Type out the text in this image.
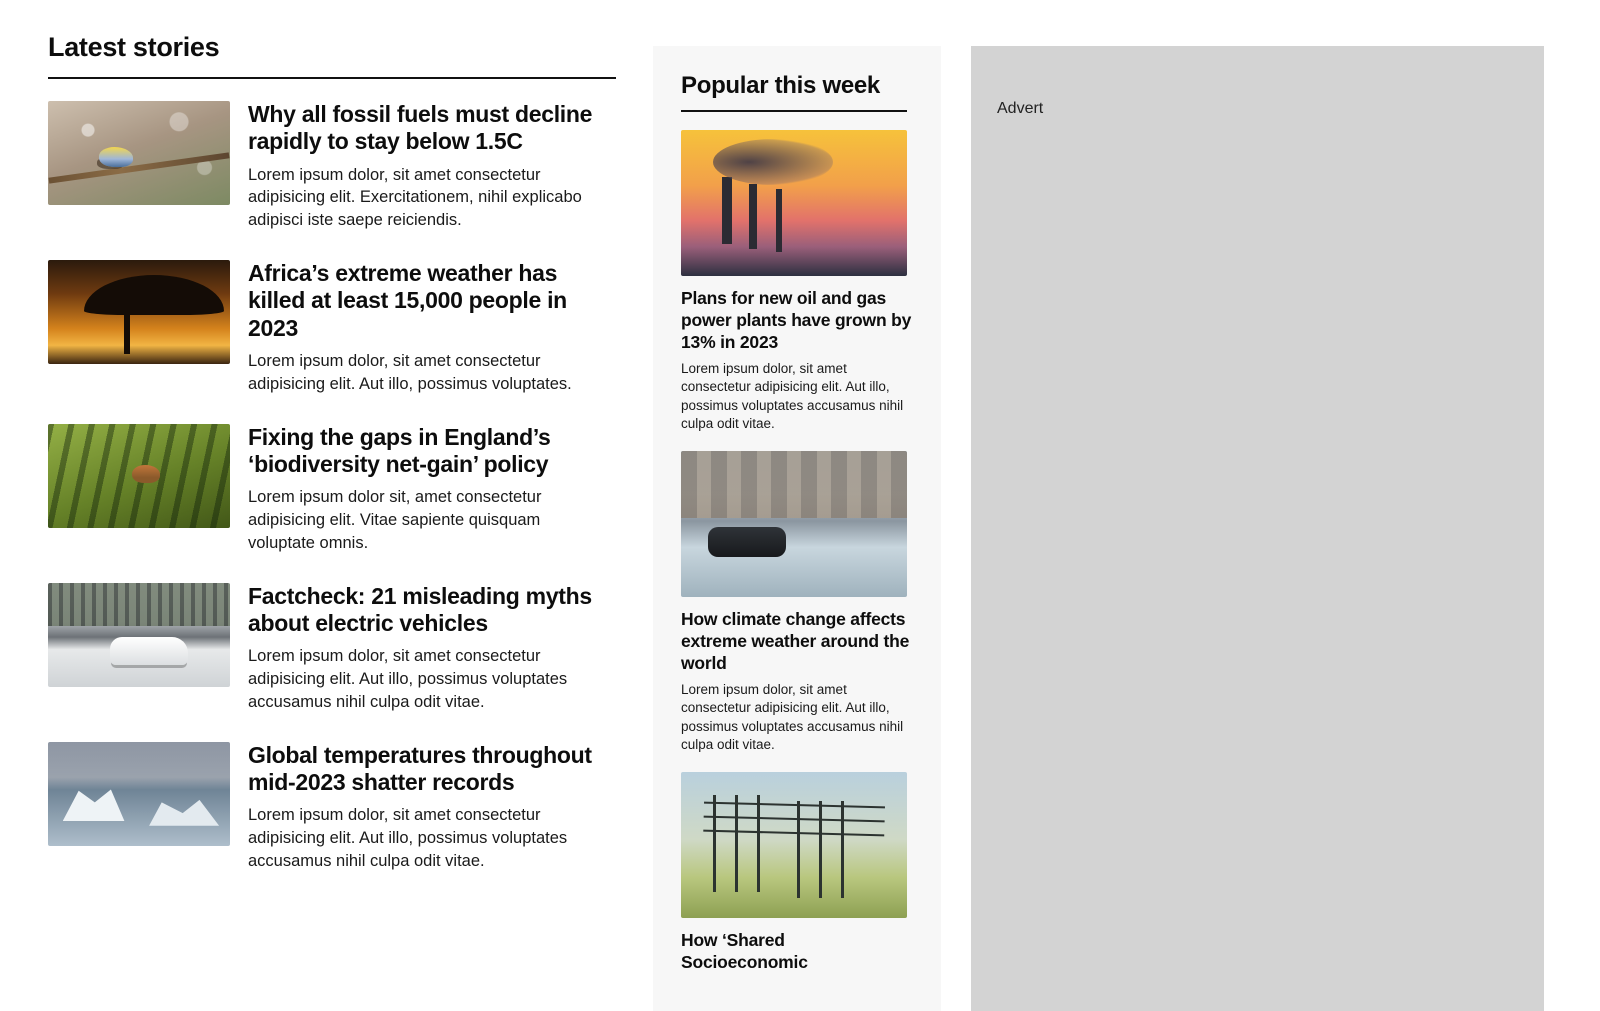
Latest stories
Why all fossil fuels must decline rapidly to stay below 1.5C

Lorem ipsum dolor, sit amet consectetur adipisicing elit. Exercitationem, nihil explicabo adipisci iste saepe reiciendis.

Africa’s extreme weather has killed at least 15,000 people in 2023

Lorem ipsum dolor, sit amet consectetur adipisicing elit. Aut illo, possimus voluptates.

Fixing the gaps in England’s ‘biodiversity net-gain’ policy

Lorem ipsum dolor sit, amet consectetur adipisicing elit. Vitae sapiente quisquam voluptate omnis.

Factcheck: 21 misleading myths about electric vehicles

Lorem ipsum dolor, sit amet consectetur adipisicing elit. Aut illo, possimus voluptates accusamus nihil culpa odit vitae.

Global temperatures throughout mid-2023 shatter records

Lorem ipsum dolor, sit amet consectetur adipisicing elit. Aut illo, possimus voluptates accusamus nihil culpa odit vitae.

Popular this week
Plans for new oil and gas power plants have grown by 13% in 2023

Lorem ipsum dolor, sit amet consectetur adipisicing elit. Aut illo, possimus voluptates accusamus nihil culpa odit vitae.

How climate change affects extreme weather around the world

Lorem ipsum dolor, sit amet consectetur adipisicing elit. Aut illo, possimus voluptates accusamus nihil culpa odit vitae.

How ‘Shared Socioeconomic
Advert
